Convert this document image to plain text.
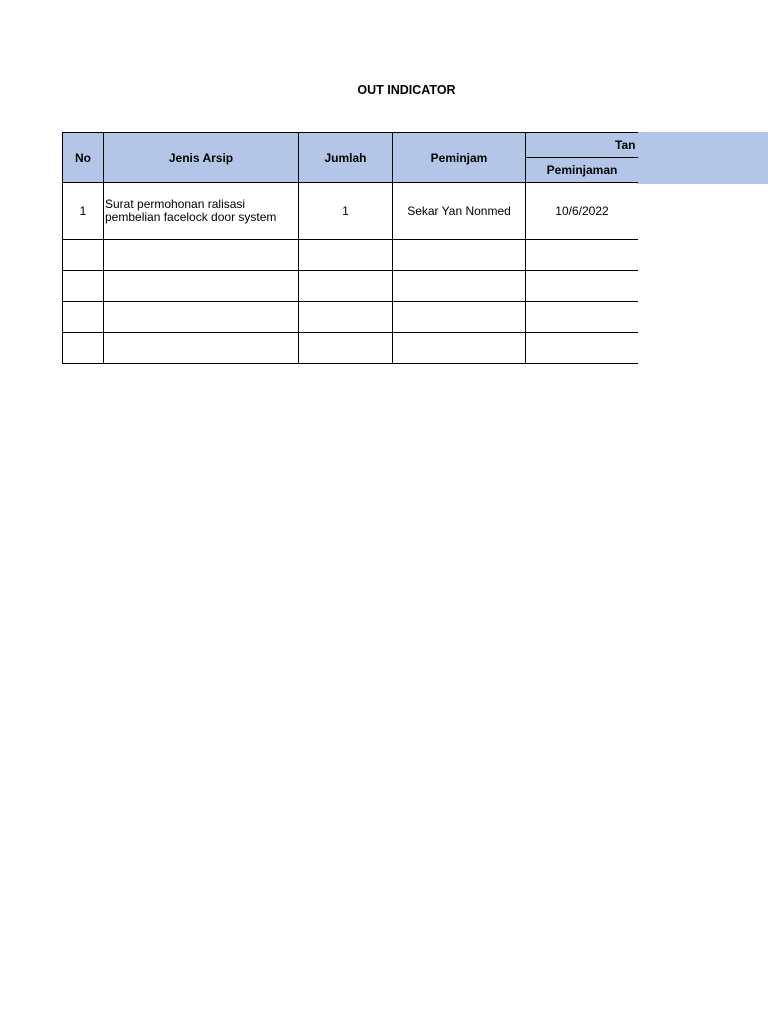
OUT INDICATOR
No	Jenis Arsip	Jumlah	Peminjam	Tan

				Peminjaman
1	Surat permohonan ralisasi pembelian facelock door system	1	Sekar Yan Nonmed	10/6/2022
